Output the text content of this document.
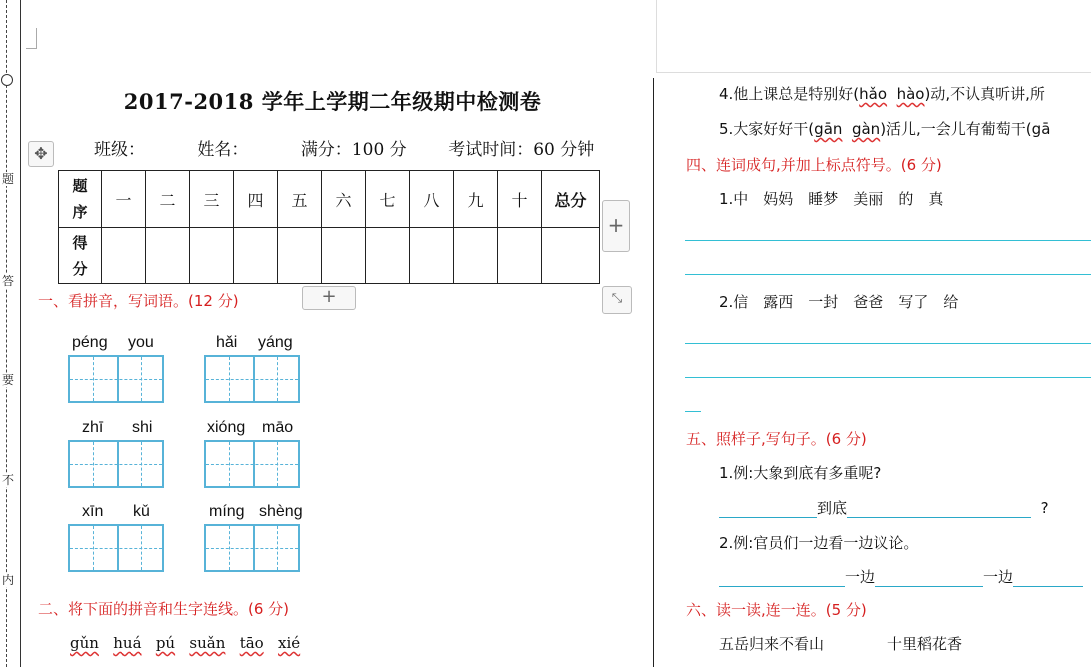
题
答
要
不
内
2017-2018 学年上学期二年级期中检测卷
✥	班级：	姓名：	满分：100 分 考试时间：60 分钟
题
序	一	二	三	四	五	六	七	八	九	十	总分

得
分											

+
+	⤡
一、看拼音，写词语。(12 分)
péng you	hǎi yáng
zhī shi	xióng māo
xīn kǔ	míng shèng
二、将下面的拼音和生字连线。(6 分)
gǔn huá pú suǎn tāo xié
4.他上课总是特别好(hǎo hào)动,不认真听讲,所
5.大家好好干(gān gàn)活儿,一会儿有葡萄干(gā
四、连词成句,并加上标点符号。(6 分)
1.中　妈妈　睡梦　美丽　的　真
2.信　露西　一封　爸爸　写了　给
五、照样子,写句子。(6 分)
1.例:大象到底有多重呢?
到底	?
2.例:官员们一边看一边议论。
一边	一边
六、读一读,连一连。(5 分)
五岳归来不看山	十里稻花香
